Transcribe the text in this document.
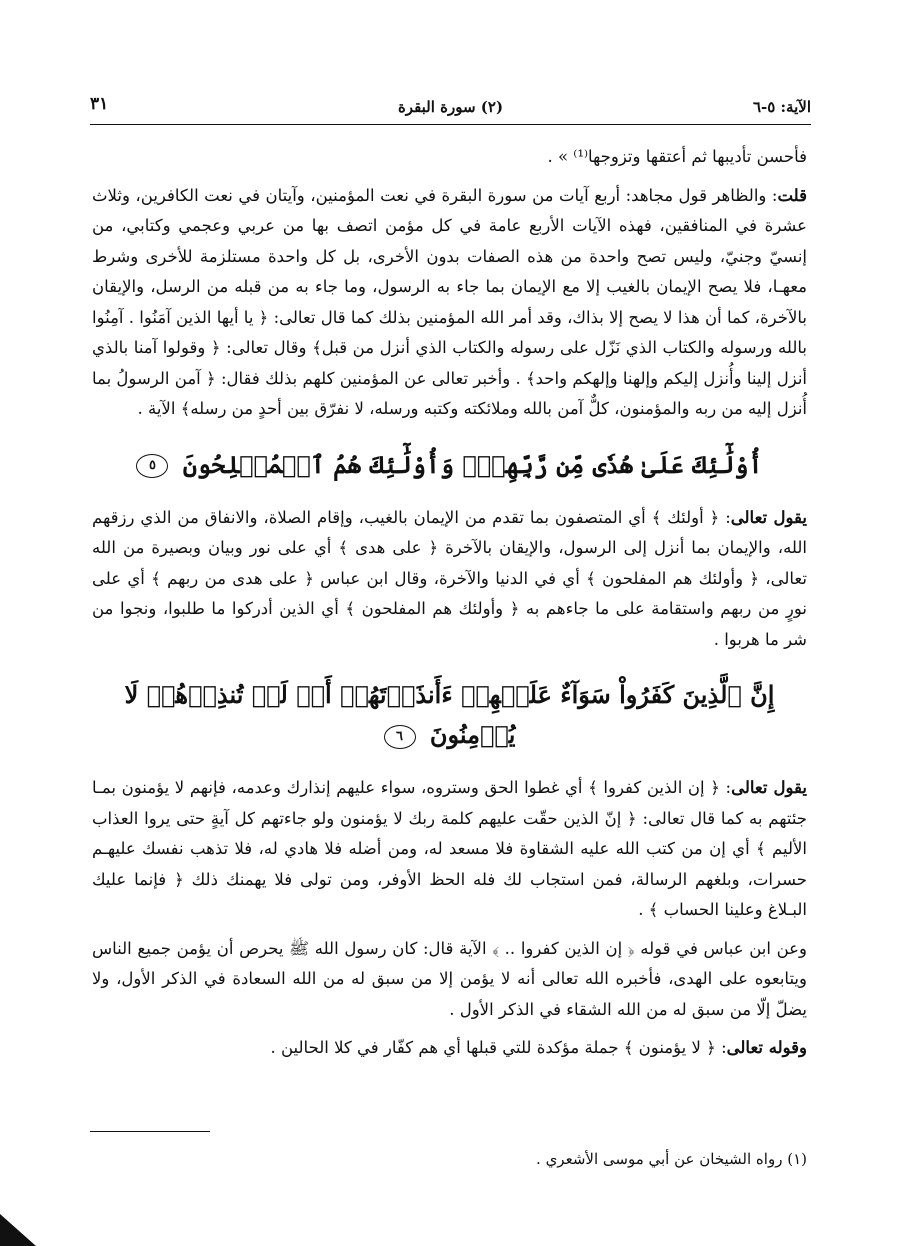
الآية: ٥-٦
(٢) سورة البقرة
٣١

فأحسن تأديبها ثم أعتقها وتزوجها⁽¹⁾ » .

قلت: والظاهر قول مجاهد: أربع آيات من سورة البقرة في نعت المؤمنين، وآيتان في نعت الكافرين، وثلاث عشرة في المنافقين، فهذه الآيات الأربع عامة في كل مؤمن اتصف بها من عربي وعجمي وكتابي، من إنسيّ وجنيّ، وليس تصح واحدة من هذه الصفات بدون الأخرى، بل كل واحدة مستلزمة للأخرى وشرط معهـا، فلا يصح الإيمان بالغيب إلا مع الإيمان بما جاء به الرسول، وما جاء به من قبله من الرسل، والإيقان بالآخرة، كما أن هذا لا يصح إلا بذاك، وقد أمر الله المؤمنين بذلك كما قال تعالى: ﴿ يا أيها الذين آمَنُوا . آمِنُوا بالله ورسوله والكتاب الذي نَزّل على رسوله والكتاب الذي أنزل من قبل﴾ وقال تعالى: ﴿ وقولوا آمنا بالذي أنزل إلينا وأُنزل إليكم وإلهنا وإلهكم واحد﴾ . وأخبر تعالى عن المؤمنين كلهم بذلك فقال: ﴿ آمن الرسولُ بما أُنزل إليه من ربه والمؤمنون، كلٌّ آمن بالله وملائكته وكتبه ورسله، لا نفرّق بين أحدٍ من رسله﴾ الآية .

أُوْلَٰٓئِكَ عَلَىٰ هُدٗى مِّن رَّبِّهِمۡۖ وَأُوْلَٰٓئِكَ هُمُ ٱلۡمُفۡلِحُونَ ٥

يقول تعالى: ﴿ أولئك ﴾ أي المتصفون بما تقدم من الإيمان بالغيب، وإقام الصلاة، والانفاق من الذي رزقهم الله، والإيمان بما أنزل إلى الرسول، والإيقان بالآخرة ﴿ على هدى ﴾ أي على نور وبيان وبصيرة من الله تعالى، ﴿ وأولئك هم المفلحون ﴾ أي في الدنيا والآخرة، وقال ابن عباس ﴿ على هدى من ربهم ﴾ أي على نورٍ من ربهم واستقامة على ما جاءهم به ﴿ وأولئك هم المفلحون ﴾ أي الذين أدركوا ما طلبوا، ونجوا من شر ما هربوا .

إِنَّ ٱلَّذِينَ كَفَرُواْ سَوَآءٌ عَلَيۡهِمۡ ءَأَنذَرۡتَهُمۡ أَمۡ لَمۡ تُنذِرۡهُمۡ لَا يُؤۡمِنُونَ ٦

يقول تعالى: ﴿ إن الذين كفروا ﴾ أي غطوا الحق وستروه، سواء عليهم إنذارك وعدمه، فإنهم لا يؤمنون بمـا جئتهم به كما قال تعالى: ﴿ إنّ الذين حقّت عليهم كلمة ربك لا يؤمنون ولو جاءتهم كل آيةٍ حتى يروا العذاب الأليم ﴾ أي إن من كتب الله عليه الشقاوة فلا مسعد له، ومن أضله فلا هادي له، فلا تذهب نفسك عليهـم حسرات، وبلغهم الرسالة، فمن استجاب لك فله الحظ الأوفر، ومن تولى فلا يهمنك ذلك ﴿ فإنما عليك البـلاغ وعلينا الحساب ﴾ .

وعن ابن عباس في قوله ﴿ إن الذين كفروا .. ﴾ الآية قال: كان رسول الله ﷺ يحرص أن يؤمن جميع الناس ويتابعوه على الهدى، فأخبره الله تعالى أنه لا يؤمن إلا من سبق له من الله السعادة في الذكر الأول، ولا يضلّ إلّا من سبق له من الله الشقاء في الذكر الأول .

وقوله تعالى: ﴿ لا يؤمنون ﴾ جملة مؤكدة للتي قبلها أي هم كفّار في كلا الحالين .

(١) رواه الشيخان عن أبي موسى الأشعري .
